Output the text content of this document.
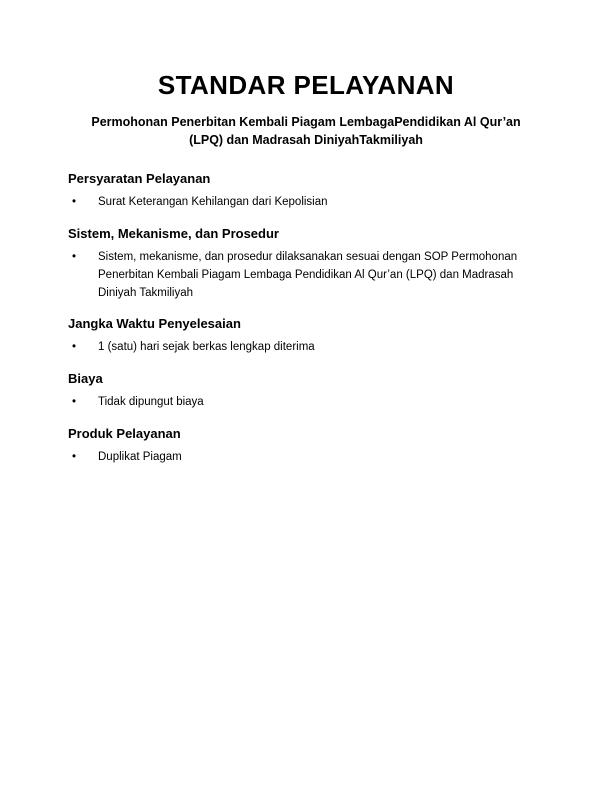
STANDAR PELAYANAN

Permohonan Penerbitan Kembali Piagam LembagaPendidikan Al Qur’an (LPQ) dan Madrasah DiniyahTakmiliyah

Persyaratan Pelayanan
• Surat Keterangan Kehilangan dari Kepolisian
Sistem, Mekanisme, dan Prosedur
• Sistem, mekanisme, dan prosedur dilaksanakan sesuai dengan SOP Permohonan Penerbitan Kembali Piagam Lembaga Pendidikan Al Qur’an (LPQ) dan Madrasah Diniyah Takmiliyah
Jangka Waktu Penyelesaian
• 1 (satu) hari sejak berkas lengkap diterima
Biaya
• Tidak dipungut biaya
Produk Pelayanan
• Duplikat Piagam
